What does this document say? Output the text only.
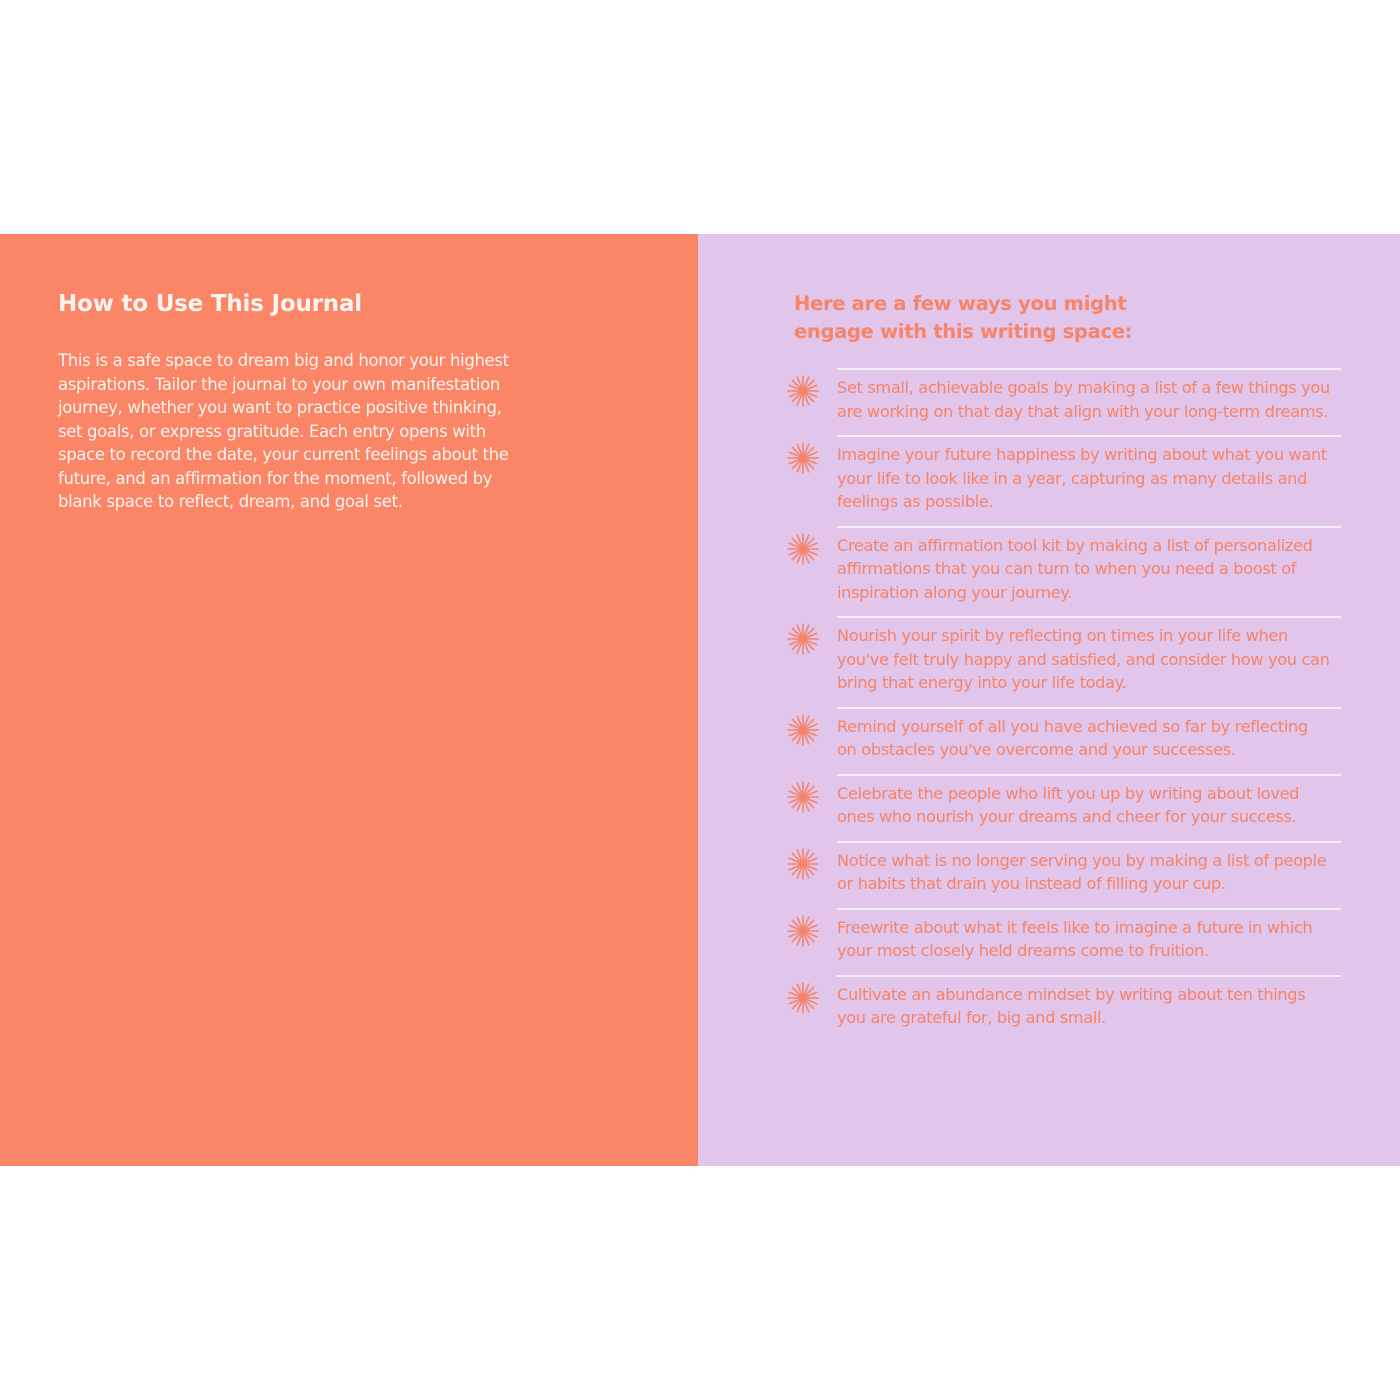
How to Use This Journal

This is a safe space to dream big and honor your highest aspirations. Tailor the journal to your own manifestation journey, whether you want to practice positive thinking, set goals, or express gratitude. Each entry opens with space to record the date, your current feelings about the future, and an affirmation for the moment, followed by blank space to reflect, dream, and goal set.

Here are a few ways you might engage with this writing space:
Set small, achievable goals by making a list of a few things you are working on that day that align with your long-term dreams.
Imagine your future happiness by writing about what you want your life to look like in a year, capturing as many details and feelings as possible.
Create an affirmation tool kit by making a list of personalized affirmations that you can turn to when you need a boost of inspiration along your journey.
Nourish your spirit by reflecting on times in your life when you've felt truly happy and satisfied, and consider how you can bring that energy into your life today.
Remind yourself of all you have achieved so far by reflecting on obstacles you've overcome and your successes.
Celebrate the people who lift you up by writing about loved ones who nourish your dreams and cheer for your success.
Notice what is no longer serving you by making a list of people or habits that drain you instead of filling your cup.
Freewrite about what it feels like to imagine a future in which your most closely held dreams come to fruition.
Cultivate an abundance mindset by writing about ten things you are grateful for, big and small.
